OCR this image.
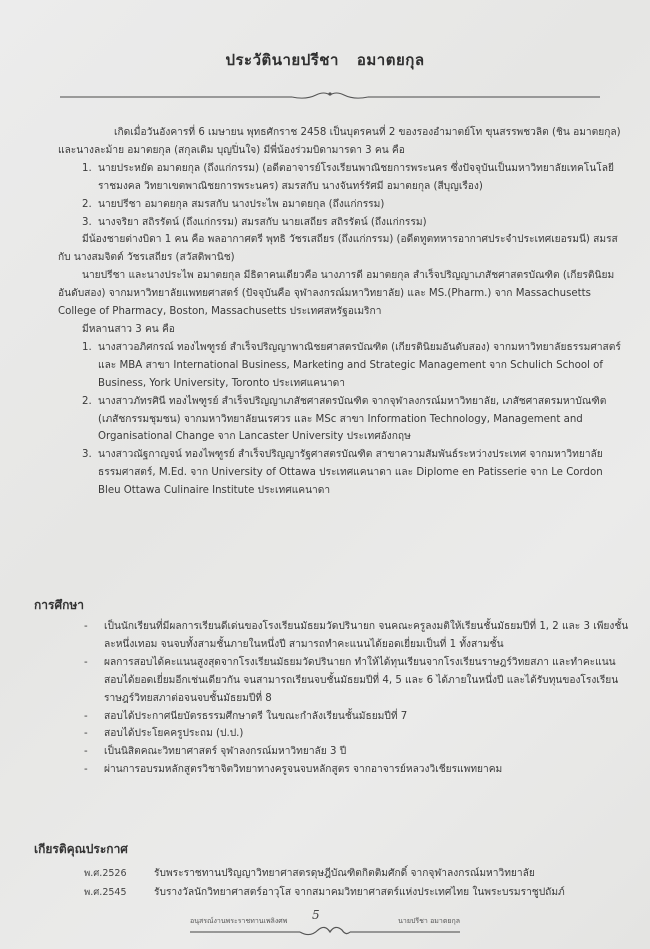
ประวัตินายปรีชา อมาตยกุล

เกิดเมื่อวันอังคารที่ 6 เมษายน พุทธศักราช 2458 เป็นบุตรคนที่ 2 ของรองอำมาตย์โท ขุนสรรพชวลิต (ชิน อมาตยกุล) และนางละม้าย อมาตยกุล (สกุลเดิม บุญปิ่นใจ) มีพี่น้องร่วมบิดามารดา 3 คน คือ

1. นายประหยัด อมาตยกุล (ถึงแก่กรรม) (อดีตอาจารย์โรงเรียนพาณิชยการพระนคร ซึ่งปัจจุบันเป็นมหาวิทยาลัยเทคโนโลยีราชมงคล วิทยาเขตพาณิชยการพระนคร) สมรสกับ นางจันทร์รัศมี อมาตยกุล (สีบุญเรือง)
2. นายปรีชา อมาตยกุล สมรสกับ นางประไพ อมาตยกุล (ถึงแก่กรรม)
3. นางจริยา สถิรรัตน์ (ถึงแก่กรรม) สมรสกับ นายเสถียร สถิรรัตน์ (ถึงแก่กรรม)

มีน้องชายต่างบิดา 1 คน คือ พลอากาศตรี พุทธิ วัชรเสถียร (ถึงแก่กรรม) (อดีตทูตทหารอากาศประจำประเทศเยอรมนี) สมรสกับ นางสมจิตต์ วัชรเสถียร (สวัสดิพานิช)

นายปรีชา และนางประไพ อมาตยกุล มีธิดาคนเดียวคือ นางภารดี อมาตยกุล สำเร็จปริญญาเภสัชศาสตรบัณฑิต (เกียรตินิยมอันดับสอง) จากมหาวิทยาลัยแพทยศาสตร์ (ปัจจุบันคือ จุฬาลงกรณ์มหาวิทยาลัย) และ MS.(Pharm.) จาก Massachusetts College of Pharmacy, Boston, Massachusetts ประเทศสหรัฐอเมริกา

มีหลานสาว 3 คน คือ

1. นางสาวอภิศกรณ์ ทองไพฑูรย์ สำเร็จปริญญาพาณิชยศาสตรบัณฑิต (เกียรตินิยมอันดับสอง) จากมหาวิทยาลัยธรรมศาสตร์ และ MBA สาขา International Business, Marketing and Strategic Management จาก Schulich School of Business, York University, Toronto ประเทศแคนาดา
2. นางสาวภัทรศินี ทองไพฑูรย์ สำเร็จปริญญาเภสัชศาสตรบัณฑิต จากจุฬาลงกรณ์มหาวิทยาลัย, เภสัชศาสตรมหาบัณฑิต (เภสัชกรรมชุมชน) จากมหาวิทยาลัยนเรศวร และ MSc สาขา Information Technology, Management and Organisational Change จาก Lancaster University ประเทศอังกฤษ
3. นางสาวณัฐกาญจน์ ทองไพฑูรย์ สำเร็จปริญญารัฐศาสตรบัณฑิต สาขาความสัมพันธ์ระหว่างประเทศ จากมหาวิทยาลัยธรรมศาสตร์, M.Ed. จาก University of Ottawa ประเทศแคนาดา และ Diplome en Patisserie จาก Le Cordon Bleu Ottawa Culinaire Institute ประเทศแคนาดา
การศึกษา
- เป็นนักเรียนที่มีผลการเรียนดีเด่นของโรงเรียนมัธยมวัดปรินายก จนคณะครูลงมติให้เรียนชั้นมัธยมปีที่ 1, 2 และ 3 เพียงชั้นละหนึ่งเทอม จนจบทั้งสามชั้นภายในหนึ่งปี สามารถทำคะแนนได้ยอดเยี่ยมเป็นที่ 1 ทั้งสามชั้น
- ผลการสอบได้คะแนนสูงสุดจากโรงเรียนมัธยมวัดปรินายก ทำให้ได้ทุนเรียนจากโรงเรียนราษฎร์วิทยสภา และทำคะแนนสอบได้ยอดเยี่ยมอีกเช่นเดียวกัน จนสามารถเรียนจบชั้นมัธยมปีที่ 4, 5 และ 6 ได้ภายในหนึ่งปี และได้รับทุนของโรงเรียนราษฎร์วิทยสภาต่อจนจบชั้นมัธยมปีที่ 8
- สอบได้ประกาศนียบัตรธรรมศึกษาตรี ในขณะกำลังเรียนชั้นมัธยมปีที่ 7
- สอบได้ประโยคครูประถม (ป.ป.)
- เป็นนิสิตคณะวิทยาศาสตร์ จุฬาลงกรณ์มหาวิทยาลัย 3 ปี
- ผ่านการอบรมหลักสูตรวิชาจิตวิทยาทางครูจนจบหลักสูตร จากอาจารย์หลวงวิเชียรแพทยาคม
เกียรติคุณประกาศ
พ.ศ.2526	รับพระราชทานปริญญาวิทยาศาสตรดุษฎีบัณฑิตกิตติมศักดิ์ จากจุฬาลงกรณ์มหาวิทยาลัย
พ.ศ.2545	รับรางวัลนักวิทยาศาสตร์อาวุโส จากสมาคมวิทยาศาสตร์แห่งประเทศไทย ในพระบรมราชูปถัมภ์
อนุสรณ์งานพระราชทานเพลิงศพ 5	นายปรีชา อมาตยกุล
